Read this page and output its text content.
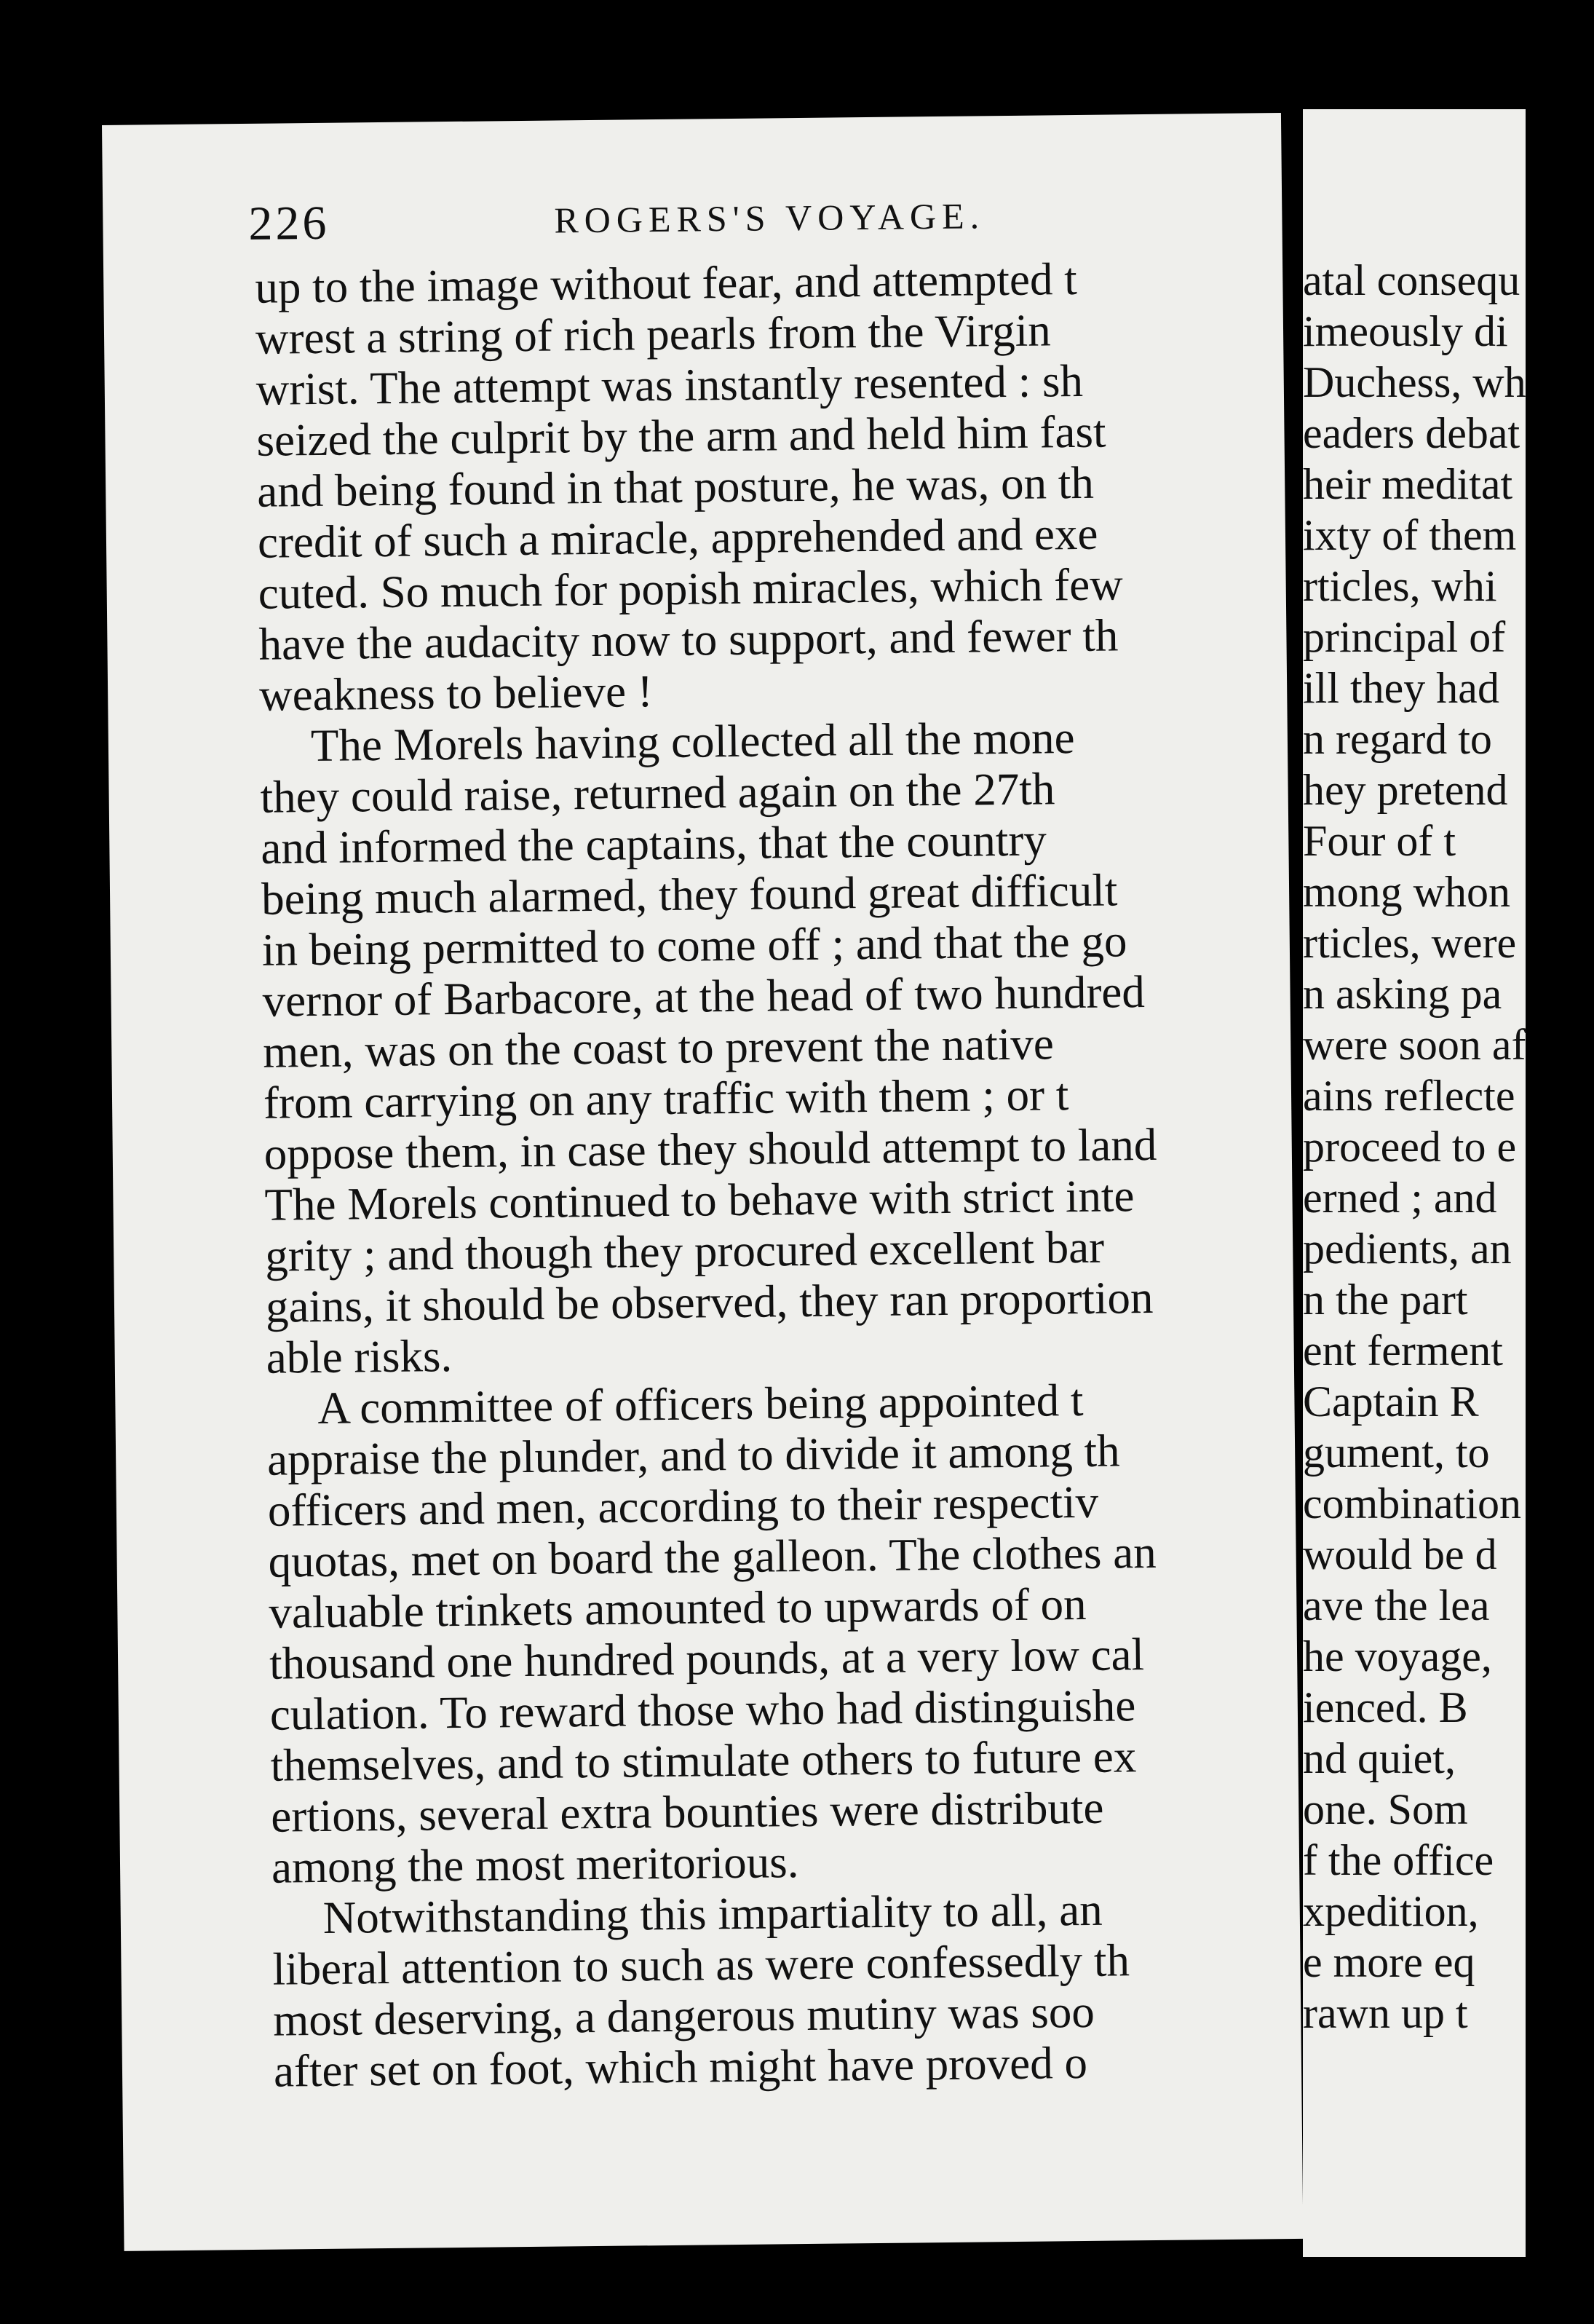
226	ROGERS'S VOYAGE.
up to the image without fear, and attempted t
wrest a string of rich pearls from the Virgin
wrist. The attempt was instantly resented : sh
seized the culprit by the arm and held him fast
and being found in that posture, he was, on th
credit of such a miracle, apprehended and exe
cuted. So much for popish miracles, which few
have the audacity now to support, and fewer th
weakness to believe !
The Morels having collected all the mone
they could raise, returned again on the 27th
and informed the captains, that the country
being much alarmed, they found great difficult
in being permitted to come off ; and that the go
vernor of Barbacore, at the head of two hundred
men, was on the coast to prevent the native
from carrying on any traffic with them ; or t
oppose them, in case they should attempt to land
The Morels continued to behave with strict inte
grity ; and though they procured excellent bar
gains, it should be observed, they ran proportion
able risks.
A committee of officers being appointed t
appraise the plunder, and to divide it among th
officers and men, according to their respectiv
quotas, met on board the galleon. The clothes an
valuable trinkets amounted to upwards of on
thousand one hundred pounds, at a very low cal
culation. To reward those who had distinguishe
themselves, and to stimulate others to future ex
ertions, several extra bounties were distribute
among the most meritorious.
Notwithstanding this impartiality to all, an
liberal attention to such as were confessedly th
most deserving, a dangerous mutiny was soo
after set on foot, which might have proved o
atal consequ
imeously di
Duchess, wh
eaders debat
heir meditat
ixty of them
rticles, whi
principal of
ill they had
n regard to
hey pretend
Four of t
mong whon
rticles, were
n asking pa
were soon af
ains reflecte
proceed to e
erned ; and
pedients, an
n the part
ent ferment
Captain R
gument, to
combination
would be d
ave the lea
he voyage,
ienced. B
nd quiet,
one. Som
f the office
xpedition,
e more eq
rawn up t
